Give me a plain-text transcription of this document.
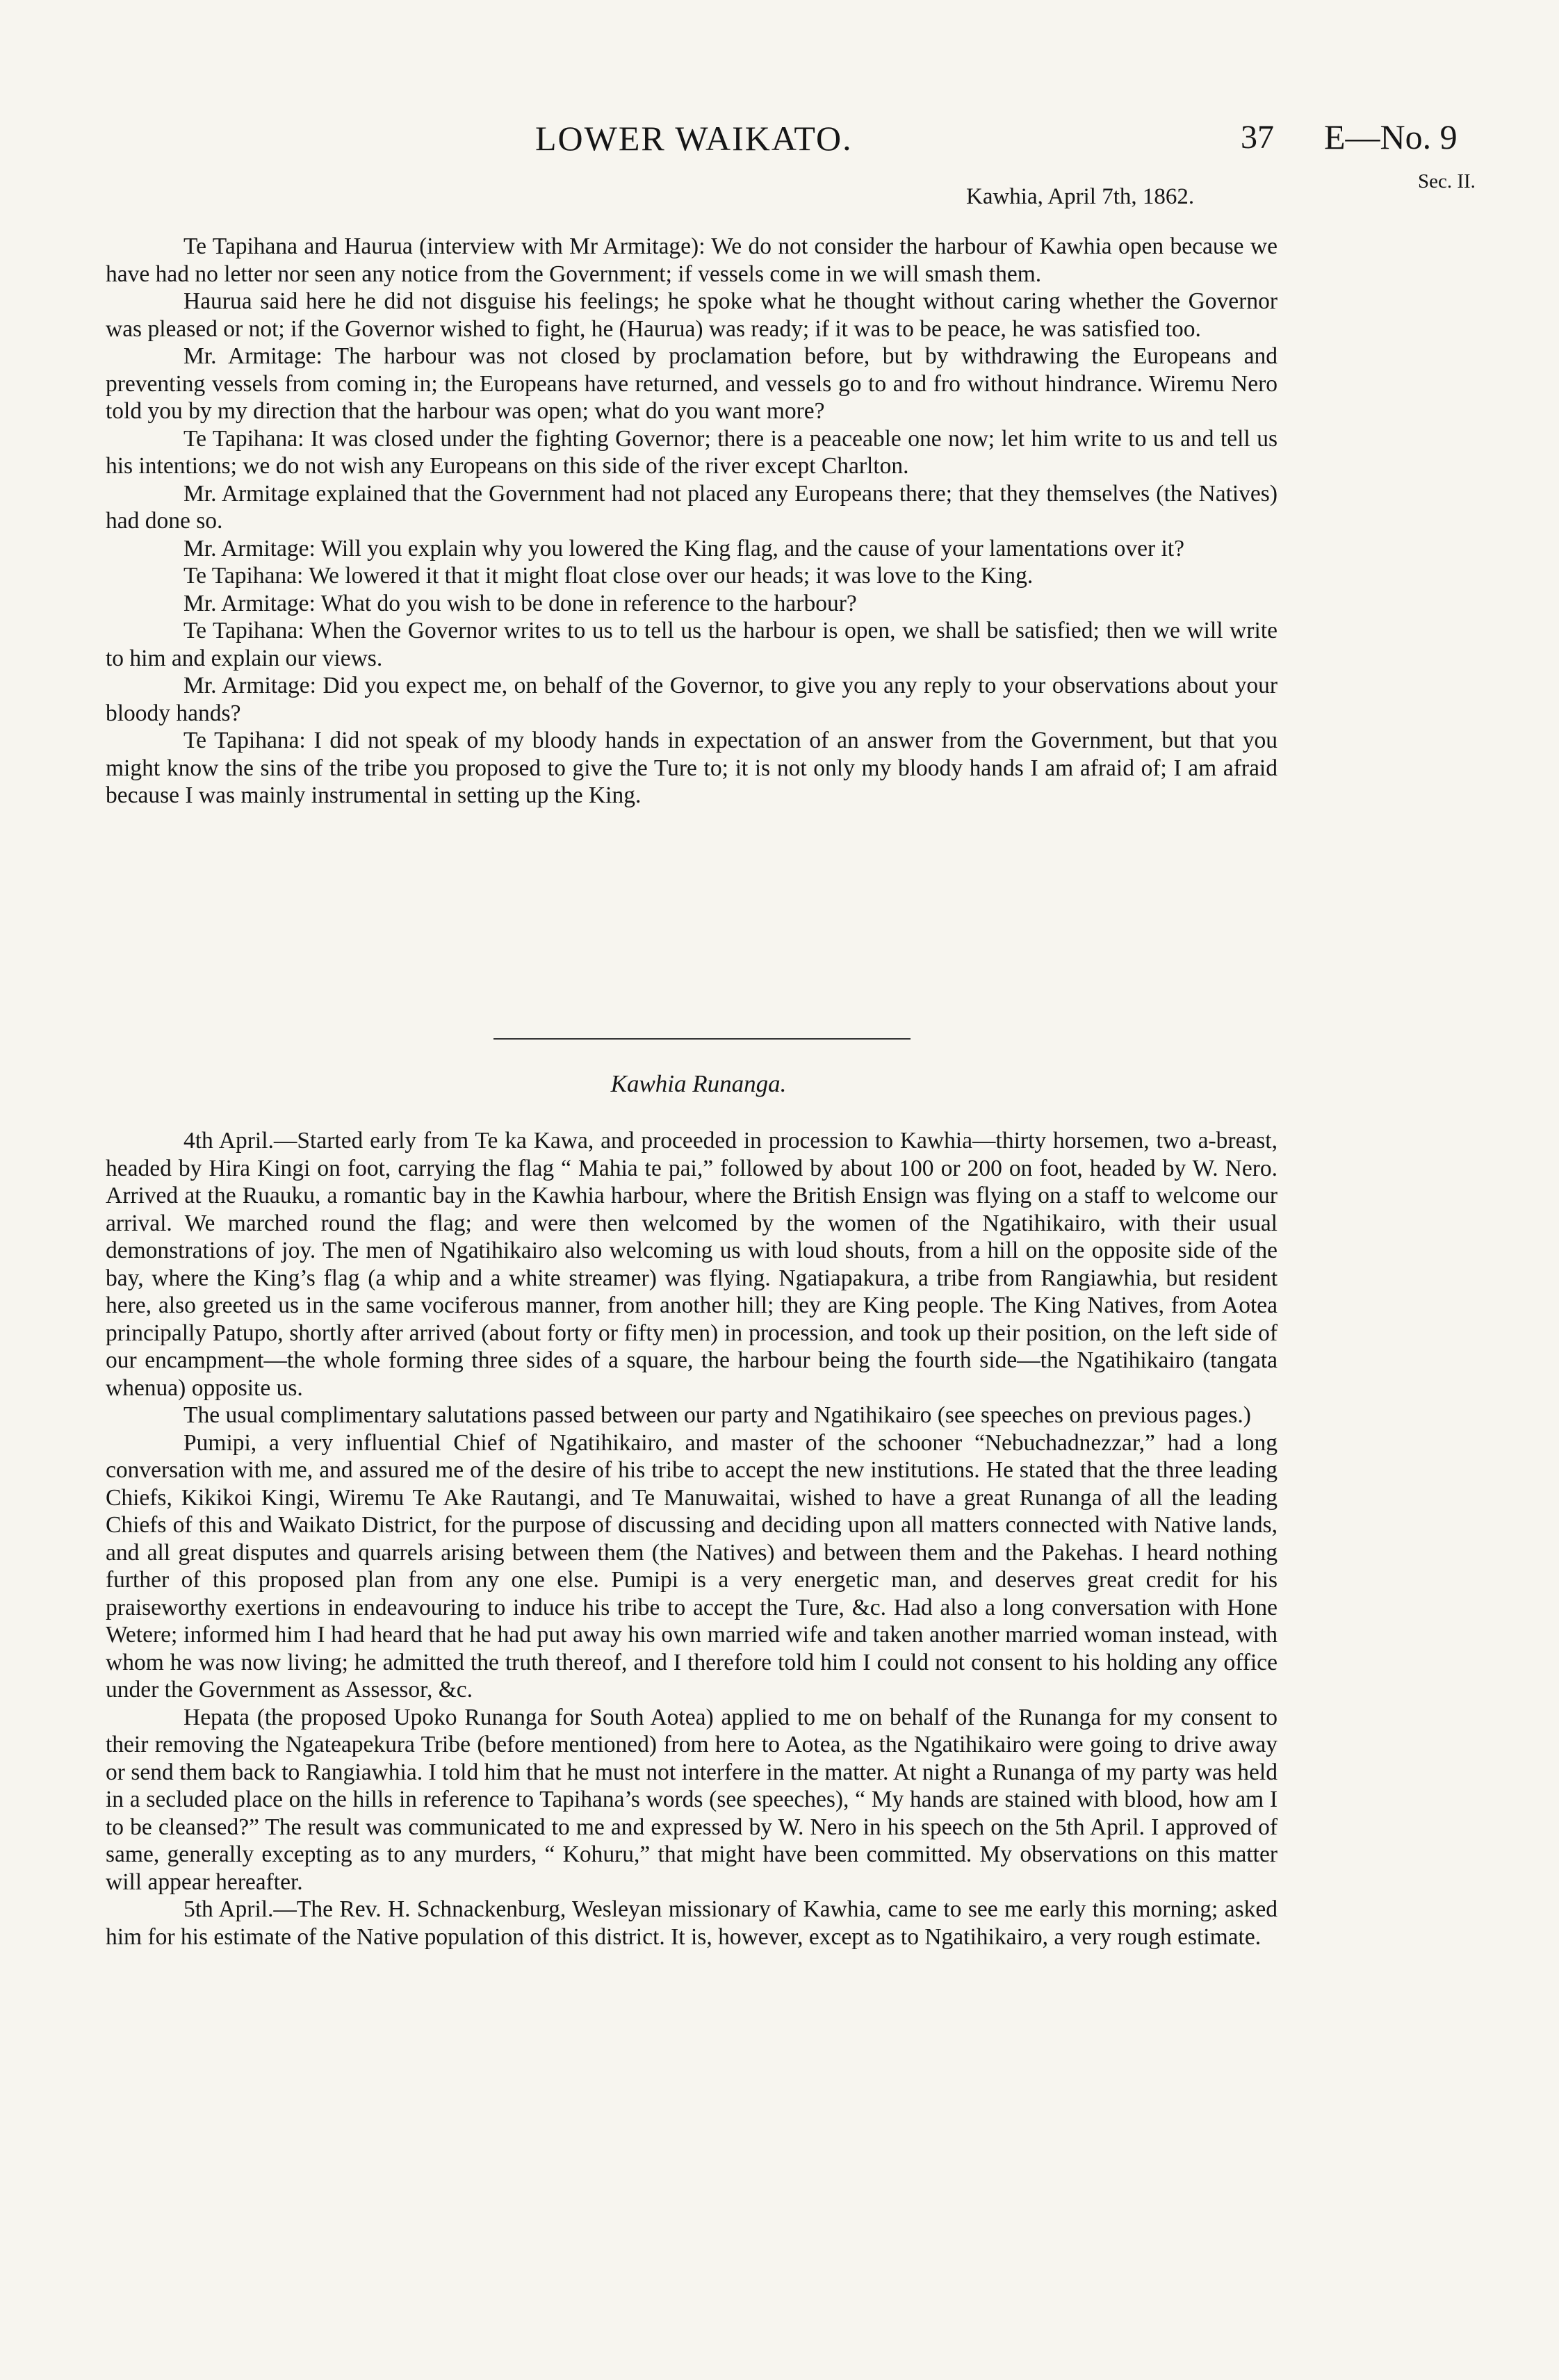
LOWER WAIKATO.	37 E—No. 9
Sec. II.
Kawhia, April 7th, 1862.

Te Tapihana and Haurua (interview with Mr Armitage): We do not consider the harbour of Kawhia open because we have had no letter nor seen any notice from the Government; if vessels come in we will smash them.

Haurua said here he did not disguise his feelings; he spoke what he thought without caring whether the Governor was pleased or not; if the Governor wished to fight, he (Haurua) was ready; if it was to be peace, he was satisfied too.

Mr. Armitage: The harbour was not closed by proclamation before, but by withdrawing the Europeans and preventing vessels from coming in; the Europeans have returned, and vessels go to and fro without hindrance. Wiremu Nero told you by my direction that the harbour was open; what do you want more?

Te Tapihana: It was closed under the fighting Governor; there is a peaceable one now; let him write to us and tell us his intentions; we do not wish any Europeans on this side of the river except Charlton.

Mr. Armitage explained that the Government had not placed any Europeans there; that they themselves (the Natives) had done so.

Mr. Armitage: Will you explain why you lowered the King flag, and the cause of your lamentations over it?

Te Tapihana: We lowered it that it might float close over our heads; it was love to the King.

Mr. Armitage: What do you wish to be done in reference to the harbour?

Te Tapihana: When the Governor writes to us to tell us the harbour is open, we shall be satisfied; then we will write to him and explain our views.

Mr. Armitage: Did you expect me, on behalf of the Governor, to give you any reply to your observations about your bloody hands?

Te Tapihana: I did not speak of my bloody hands in expectation of an answer from the Government, but that you might know the sins of the tribe you proposed to give the Ture to; it is not only my bloody hands I am afraid of; I am afraid because I was mainly instrumental in setting up the King.

Kawhia Runanga.

4th April.—Started early from Te ka Kawa, and proceeded in procession to Kawhia—thirty horsemen, two a-breast, headed by Hira Kingi on foot, carrying the flag “ Mahia te pai,” followed by about 100 or 200 on foot, headed by W. Nero. Arrived at the Ruauku, a romantic bay in the Kawhia harbour, where the British Ensign was flying on a staff to welcome our arrival. We marched round the flag; and were then welcomed by the women of the Ngatihikairo, with their usual demonstrations of joy. The men of Ngatihikairo also welcoming us with loud shouts, from a hill on the opposite side of the bay, where the King’s flag (a whip and a white streamer) was flying. Ngatiapakura, a tribe from Rangiawhia, but resident here, also greeted us in the same vociferous manner, from another hill; they are King people. The King Natives, from Aotea principally Patupo, shortly after arrived (about forty or fifty men) in procession, and took up their position, on the left side of our encampment—the whole forming three sides of a square, the harbour being the fourth side—the Ngatihikairo (tangata whenua) opposite us.

The usual complimentary salutations passed between our party and Ngatihikairo (see speeches on previous pages.)

Pumipi, a very influential Chief of Ngatihikairo, and master of the schooner “Nebuchadnezzar,” had a long conversation with me, and assured me of the desire of his tribe to accept the new institutions. He stated that the three leading Chiefs, Kikikoi Kingi, Wiremu Te Ake Rautangi, and Te Manuwaitai, wished to have a great Runanga of all the leading Chiefs of this and Waikato District, for the purpose of discussing and deciding upon all matters connected with Native lands, and all great disputes and quarrels arising between them (the Natives) and between them and the Pakehas. I heard nothing further of this proposed plan from any one else. Pumipi is a very energetic man, and deserves great credit for his praiseworthy exertions in endeavouring to induce his tribe to accept the Ture, &c. Had also a long conversation with Hone Wetere; informed him I had heard that he had put away his own married wife and taken another married woman instead, with whom he was now living; he admitted the truth thereof, and I therefore told him I could not consent to his holding any office under the Government as Assessor, &c.

Hepata (the proposed Upoko Runanga for South Aotea) applied to me on behalf of the Runanga for my consent to their removing the Ngateapekura Tribe (before mentioned) from here to Aotea, as the Ngatihikairo were going to drive away or send them back to Rangiawhia. I told him that he must not interfere in the matter. At night a Runanga of my party was held in a secluded place on the hills in reference to Tapihana’s words (see speeches), “ My hands are stained with blood, how am I to be cleansed?” The result was communicated to me and expressed by W. Nero in his speech on the 5th April. I approved of same, generally excepting as to any murders, “ Kohuru,” that might have been committed. My observations on this matter will appear hereafter.

5th April.—The Rev. H. Schnackenburg, Wesleyan missionary of Kawhia, came to see me early this morning; asked him for his estimate of the Native population of this district. It is, however, except as to Ngatihikairo, a very rough estimate.
